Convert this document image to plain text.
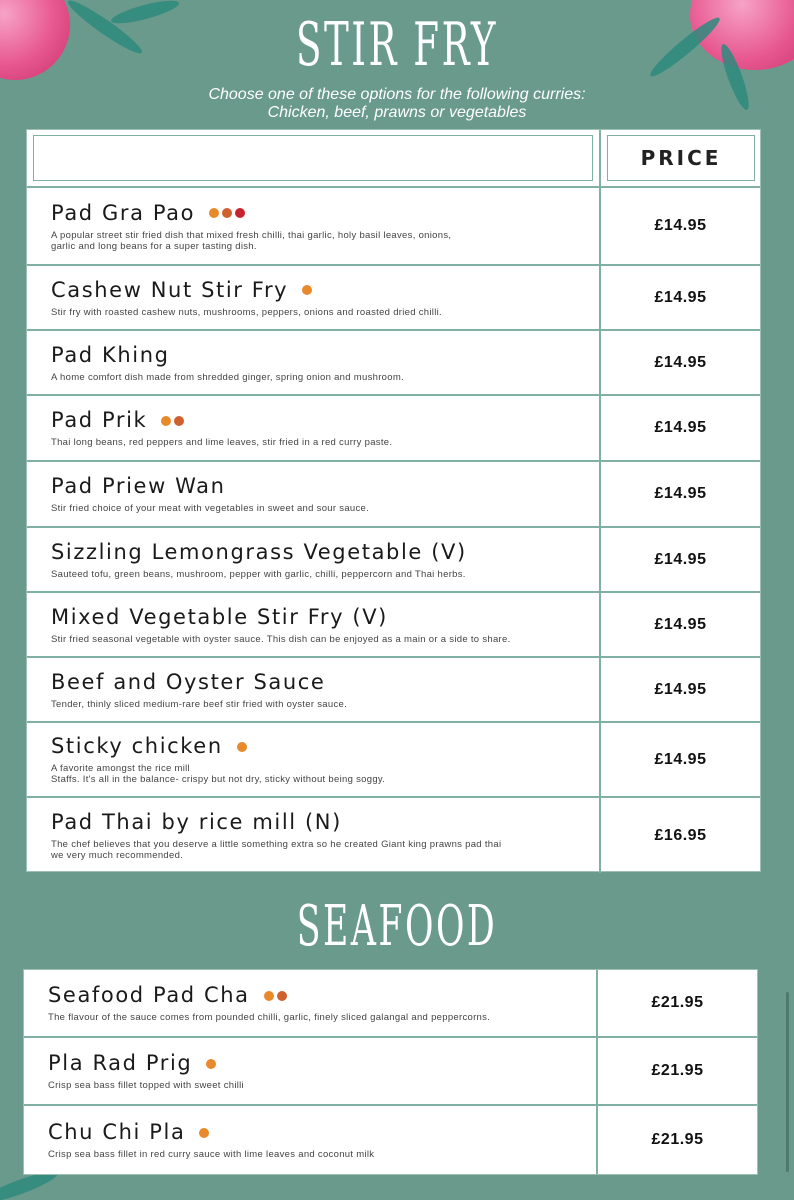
STIR FRY
Choose one of these options for the following curries:
Chicken, beef, prawns or vegetables
PRICE
Pad Gra Pao
A popular street stir fried dish that mixed fresh chilli, thai garlic, holy basil leaves, onions,
garlic and long beans for a super tasting dish.
£14.95
Cashew Nut Stir Fry
Stir fry with roasted cashew nuts, mushrooms, peppers, onions and roasted dried chilli.
£14.95
Pad Khing
A home comfort dish made from shredded ginger, spring onion and mushroom.
£14.95
Pad Prik
Thai long beans, red peppers and lime leaves, stir fried in a red curry paste.
£14.95
Pad Priew Wan
Stir fried choice of your meat with vegetables in sweet and sour sauce.
£14.95
Sizzling Lemongrass Vegetable (V)
Sauteed tofu, green beans, mushroom, pepper with garlic, chilli, peppercorn and Thai herbs.
£14.95
Mixed Vegetable Stir Fry (V)
Stir fried seasonal vegetable with oyster sauce. This dish can be enjoyed as a main or a side to share.
£14.95
Beef and Oyster Sauce
Tender, thinly sliced medium-rare beef stir fried with oyster sauce.
£14.95
Sticky chicken
A favorite amongst the rice mill
Staffs. It's all in the balance- crispy but not dry, sticky without being soggy.
£14.95
Pad Thai by rice mill (N)
The chef believes that you deserve a little something extra so he created Giant king prawns pad thai
we very much recommended.
£16.95
SEAFOOD
Seafood Pad Cha
The flavour of the sauce comes from pounded chilli, garlic, finely sliced galangal and peppercorns.
£21.95
Pla Rad Prig
Crisp sea bass fillet topped with sweet chilli
£21.95
Chu Chi Pla
Crisp sea bass fillet in red curry sauce with lime leaves and coconut milk
£21.95
